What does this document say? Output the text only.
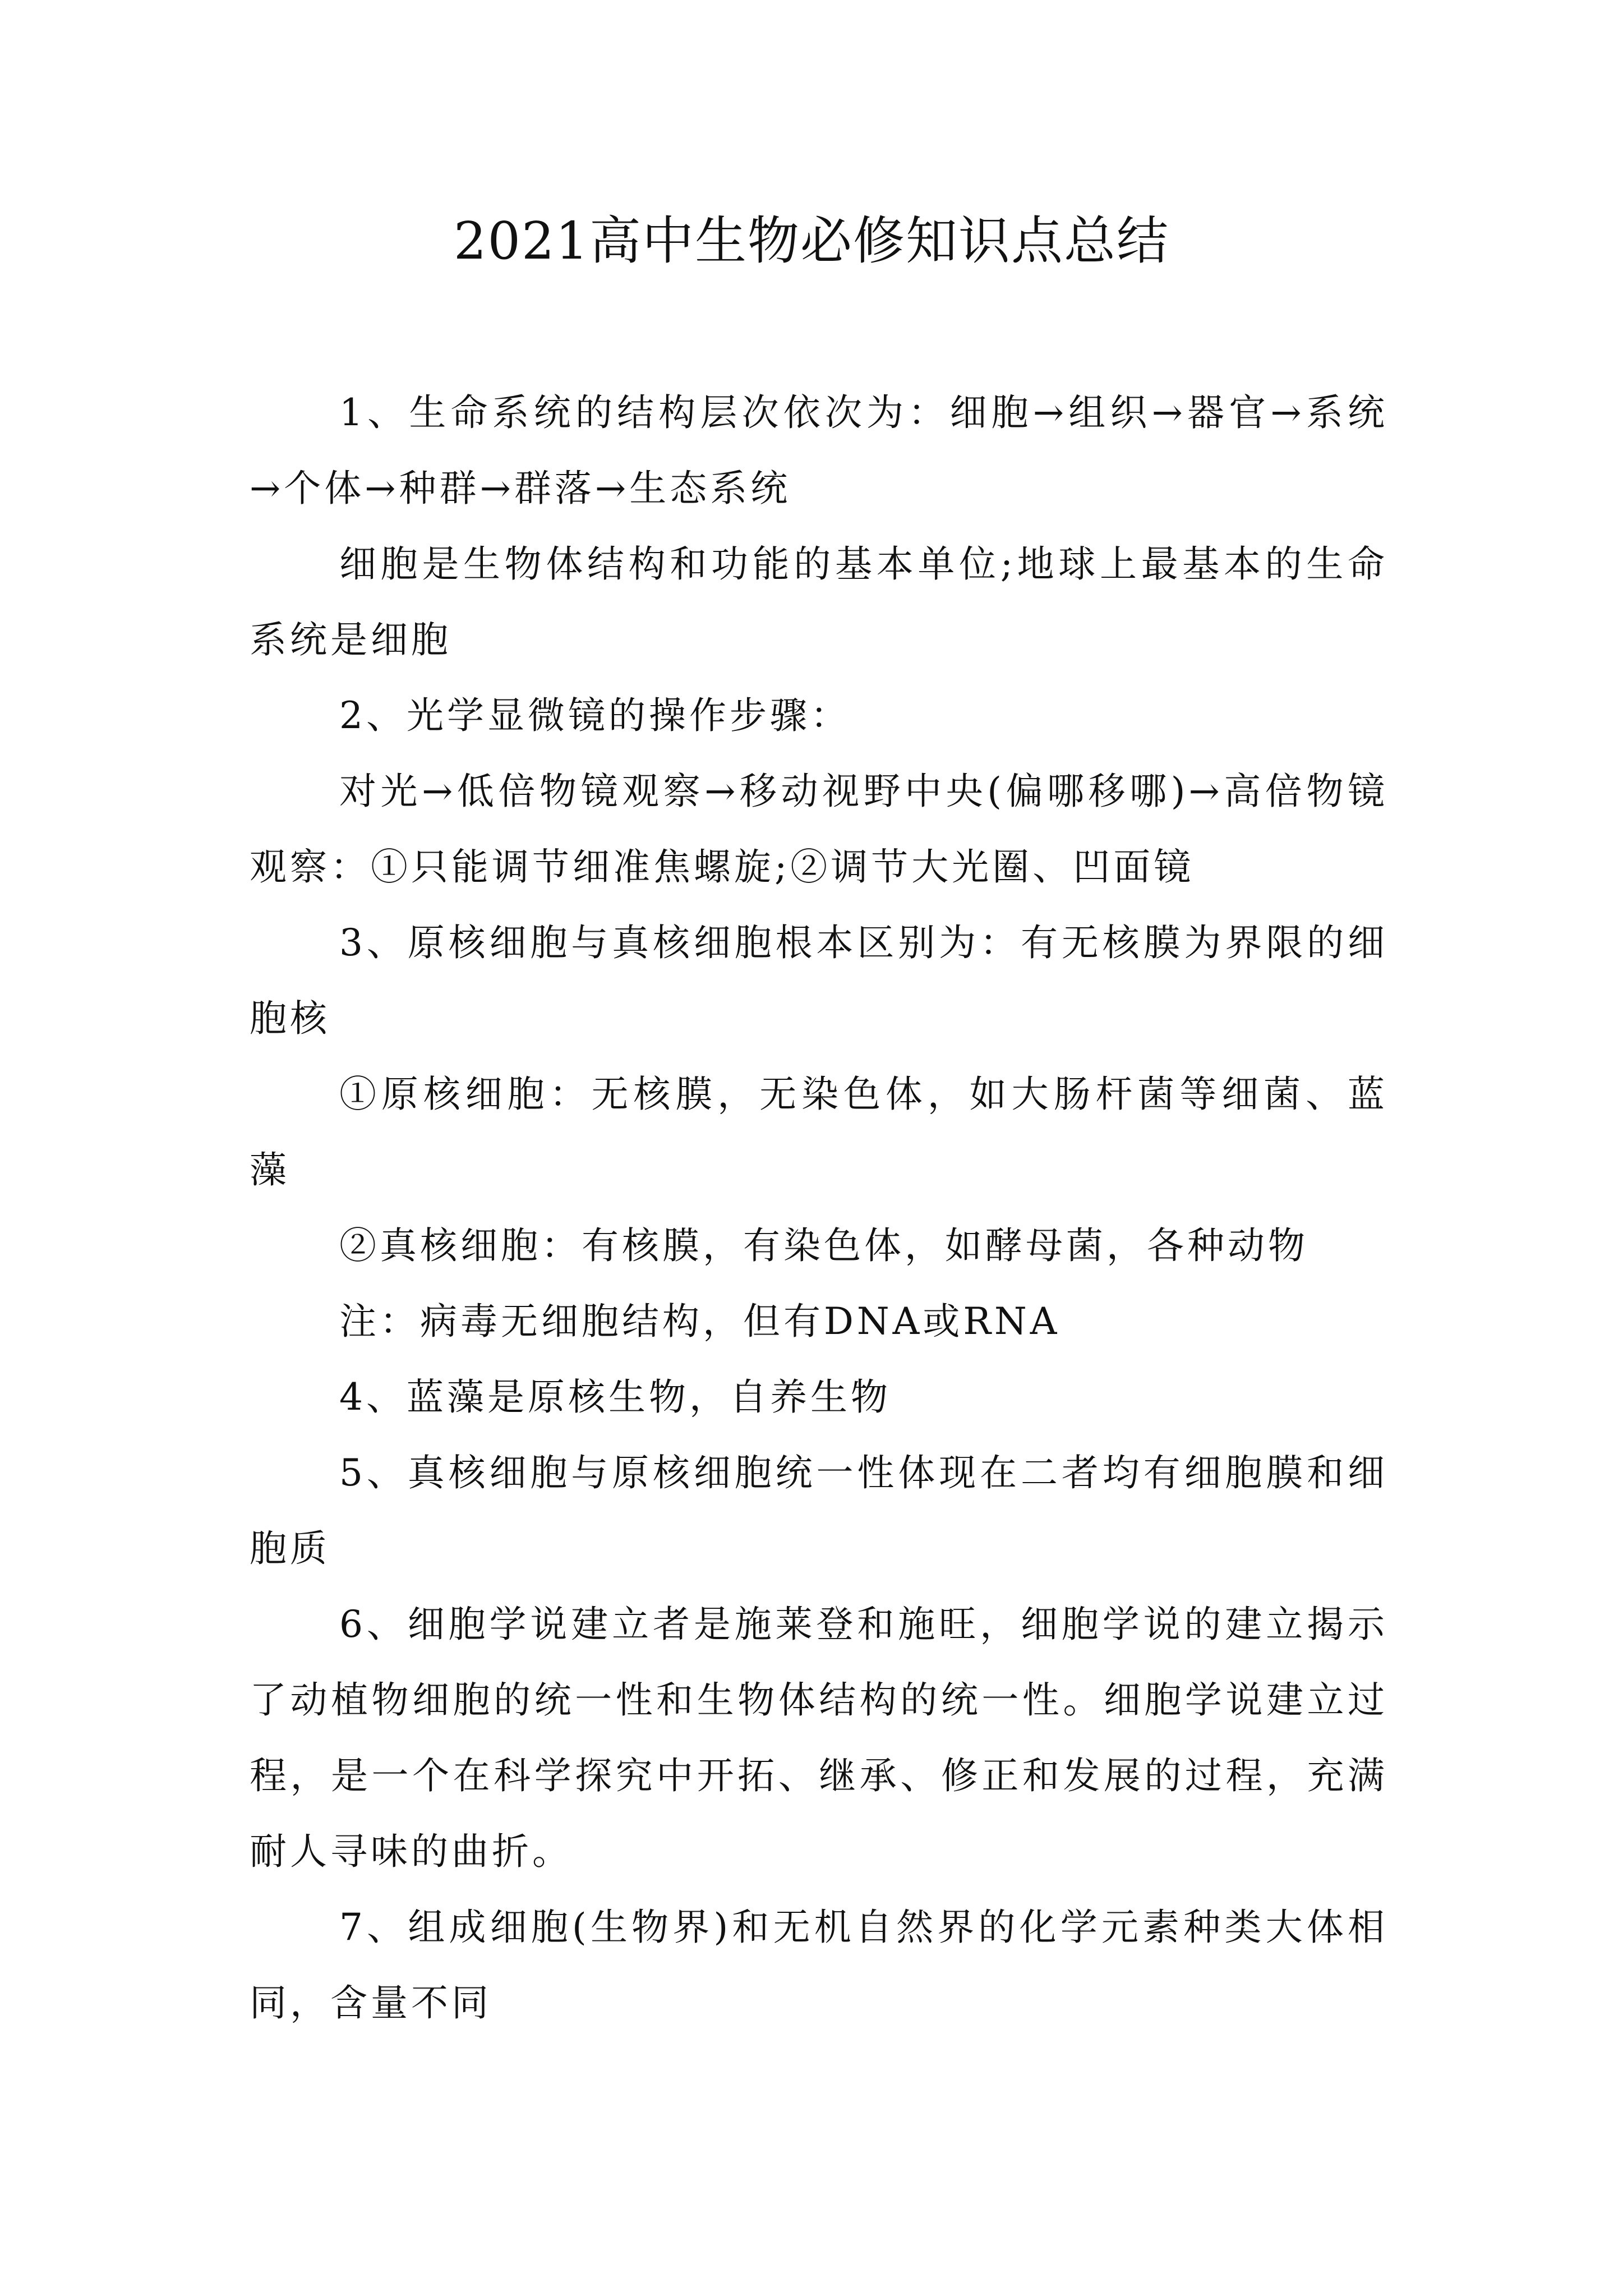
2021高中生物必修知识点总结

1、生命系统的结构层次依次为：细胞→组织→器官→系统→个体→种群→群落→生态系统

细胞是生物体结构和功能的基本单位;地球上最基本的生命系统是细胞

2、光学显微镜的操作步骤：

对光→低倍物镜观察→移动视野中央(偏哪移哪)→高倍物镜观察：①只能调节细准焦螺旋;②调节大光圈、凹面镜

3、原核细胞与真核细胞根本区别为：有无核膜为界限的细胞核

①原核细胞：无核膜，无染色体，如大肠杆菌等细菌、蓝藻

②真核细胞：有核膜，有染色体，如酵母菌，各种动物

注：病毒无细胞结构，但有DNA或RNA

4、蓝藻是原核生物，自养生物

5、真核细胞与原核细胞统一性体现在二者均有细胞膜和细胞质

6、细胞学说建立者是施莱登和施旺，细胞学说的建立揭示了动植物细胞的统一性和生物体结构的统一性。细胞学说建立过程，是一个在科学探究中开拓、继承、修正和发展的过程，充满耐人寻味的曲折。

7、组成细胞(生物界)和无机自然界的化学元素种类大体相同，含量不同
